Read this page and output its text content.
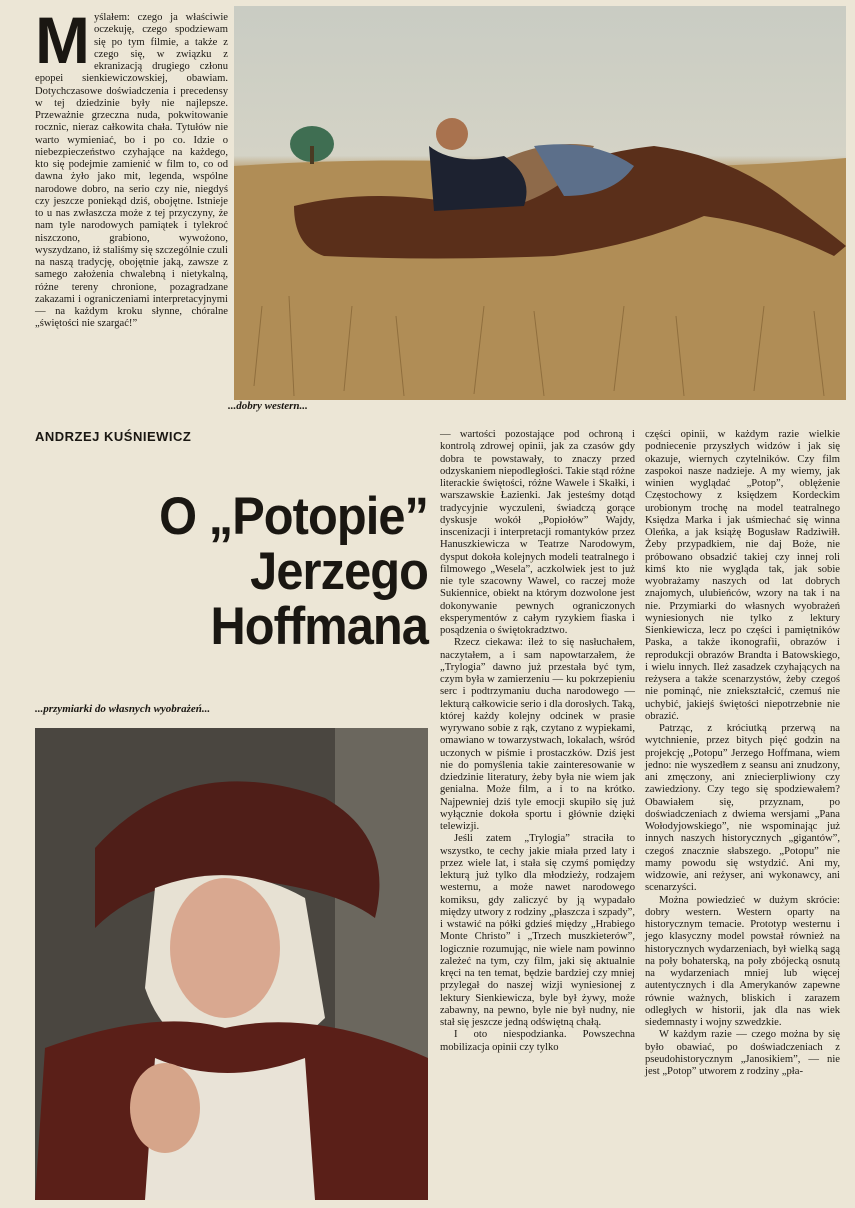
...dobry western...
M yślałem: czego ja właściwie oczekuję, czego spodziewam się po tym filmie, a także z czego się, w związku z ekranizacją drugiego członu epopei sienkiewiczowskiej, obawiam. Dotychczasowe doświadczenia i precedensy w tej dziedzinie były nie najlepsze. Przeważnie grzeczna nuda, pokwitowanie rocznic, nieraz całkowita chała. Tytułów nie warto wymieniać, bo i po co. Idzie o niebezpieczeństwo czyhające na każdego, kto się podejmie zamienić w film to, co od dawna żyło jako mit, legenda, wspólne narodowe dobro, na serio czy nie, niegdyś czy jeszcze poniekąd dziś, obojętne. Istnieje to u nas zwłaszcza może z tej przyczyny, że nam tyle narodowych pamiątek i tylekroć niszczono, grabiono, wywożono, wyszydzano, iż staliśmy się szczególnie czuli na naszą tradycję, obojętnie jaką, zawsze z samego założenia chwalebną i nietykalną, różne tereny chronione, pozagradzane zakazami i ograniczeniami interpretacyjnymi — na każdym kroku słynne, chóralne „świętości nie szargać!”
ANDRZEJ KUŚNIEWICZ
O „Potopie”
Jerzego
Hoffmana
...przymiarki do własnych wyobrażeń...

— wartości pozostające pod ochroną i kontrolą zdrowej opinii, jak za czasów gdy dobra te powstawały, to znaczy przed odzyskaniem niepodległości. Takie stąd różne literackie świętości, różne Wawele i Skałki, i warszawskie Łazienki. Jak jesteśmy dotąd tradycyjnie wyczuleni, świadczą gorące dyskusje wokół „Popiołów” Wajdy, inscenizacji i interpretacji romantyków przez Hanuszkiewicza w Teatrze Narodowym, dysput dokoła kolejnych modeli teatralnego i filmowego „Wesela”, aczkolwiek jest to już nie tyle szacowny Wawel, co raczej może Sukiennice, obiekt na którym dozwolone jest dokonywanie pewnych ograniczonych eksperymentów z całym ryzykiem fiaska i posądzenia o świętokradztwo.

Rzecz ciekawa: ileż to się nasłuchałem, naczytałem, a i sam napowtarzałem, że „Trylogia” dawno już przestała być tym, czym była w zamierzeniu — ku pokrzepieniu serc i podtrzymaniu ducha narodowego — lekturą całkowicie serio i dla dorosłych. Taką, której każdy kolejny odcinek w prasie wyrywano sobie z rąk, czytano z wypiekami, omawiano w towarzystwach, lokalach, wśród uczonych w piśmie i prostaczków. Dziś jest nie do pomyślenia takie zainteresowanie w dziedzinie literatury, żeby była nie wiem jak genialna. Może film, a i to na krótko. Najpewniej dziś tyle emocji skupiło się już wyłącznie dokoła sportu i głównie dzięki telewizji.

Jeśli zatem „Trylogia” straciła to wszystko, te cechy jakie miała przed laty i przez wiele lat, i stała się czymś pomiędzy lekturą już tylko dla młodzieży, rodzajem westernu, a może nawet narodowego komiksu, gdy zaliczyć by ją wypadało między utwory z rodziny „płaszcza i szpady”, i wstawić na półki gdzieś między „Hrabiego Monte Christo” i „Trzech muszkieterów”, logicznie rozumując, nie wiele nam powinno zależeć na tym, czy film, jaki się aktualnie kręci na ten temat, będzie bardziej czy mniej przylegał do naszej wizji wyniesionej z lektury Sienkiewicza, byle był żywy, może zabawny, na pewno, byle nie był nudny, nie stał się jeszcze jedną odświętną chałą.

I oto niespodzianka. Powszechna mobilizacja opinii czy tylko

części opinii, w każdym razie wielkie podniecenie przyszłych widzów i jak się okazuje, wiernych czytelników. Czy film zaspokoi nasze nadzieje. A my wiemy, jak winien wyglądać „Potop”, oblężenie Częstochowy z księdzem Kordeckim urobionym trochę na model teatralnego Księdza Marka i jak uśmiechać się winna Oleńka, a jak książę Bogusław Radziwiłł. Żeby przypadkiem, nie daj Boże, nie próbowano obsadzić takiej czy innej roli kimś kto nie wygląda tak, jak sobie wyobrażamy naszych od lat dobrych znajomych, ulubieńców, wzory na tak i na nie. Przymiarki do własnych wyobrażeń wyniesionych nie tylko z lektury Sienkiewicza, lecz po części i pamiętników Paska, a także ikonografii, obrazów i reprodukcji obrazów Brandta i Batowskiego, i wielu innych. Ileż zasadzek czyhających na reżysera a także scenarzystów, żeby czegoś nie pominąć, nie zniekształcić, czemuś nie uchybić, jakiejś świętości niepotrzebnie nie obrazić.

Patrząc, z króciutką przerwą na wytchnienie, przez bitych pięć godzin na projekcję „Potopu” Jerzego Hoffmana, wiem jedno: nie wyszedłem z seansu ani znudzony, ani zmęczony, ani zniecierpliwiony czy zawiedziony. Czy tego się spodziewałem? Obawiałem się, przyznam, po doświadczeniach z dwiema wersjami „Pana Wołodyjowskiego”, nie wspominając już innych naszych historycznych „gigantów”, czegoś znacznie słabszego. „Potopu” nie mamy powodu się wstydzić. Ani my, widzowie, ani reżyser, ani wykonawcy, ani scenarzyści.

Można powiedzieć w dużym skrócie: dobry western. Western oparty na historycznym temacie. Prototyp westernu i jego klasyczny model powstał również na historycznych wydarzeniach, był wielką sagą na poły bohaterską, na poły zbójecką osnutą na wydarzeniach mniej lub więcej autentycznych i dla Amerykanów zapewne równie ważnych, bliskich i zarazem odległych w historii, jak dla nas wiek siedemnasty i wojny szwedzkie.

W każdym razie — czego można by się było obawiać, po doświadczeniach z pseudohistorycznym „Janosikiem”, — nie jest „Potop” utworem z rodziny „pła-
